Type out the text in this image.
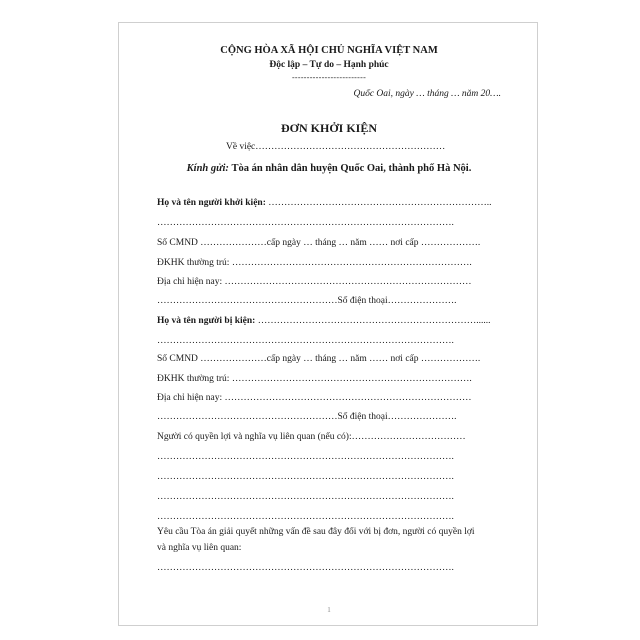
CỘNG HÒA XÃ HỘI CHỦ NGHĨA VIỆT NAM
Độc lập – Tự do – Hạnh phúc
-------------------------
Quốc Oai, ngày … tháng … năm 20….
ĐƠN KHỞI KIỆN
Về việc……………………………………………………
Kính gửi: Tòa án nhân dân huyện Quốc Oai, thành phố Hà Nội.
Họ và tên người khởi kiện: ……………………………………………………………..
………………………………………………………………………………….
Số CMND …………………cấp ngày … tháng … năm …… nơi cấp ……………….
ĐKHK thường trú: ………………………………………………………………….
Địa chỉ hiện nay: ……………………………………………………………………
…………………………………………………Số điện thoại………………….
Họ và tên người bị kiện: ……………………………………………………………......
………………………………………………………………………………….
Số CMND …………………cấp ngày … tháng … năm …… nơi cấp ……………….
ĐKHK thường trú: ………………………………………………………………….
Địa chỉ hiện nay: ……………………………………………………………………
…………………………………………………Số điện thoại………………….
Người có quyền lợi và nghĩa vụ liên quan (nếu có):………………………………
………………………………………………………………………………….
………………………………………………………………………………….
………………………………………………………………………………….
………………………………………………………………………………….
Yêu cầu Tòa án giải quyết những vấn đề sau đây đối với bị đơn, người có quyền lợi
và nghĩa vụ liên quan:
………………………………………………………………………………….
1
